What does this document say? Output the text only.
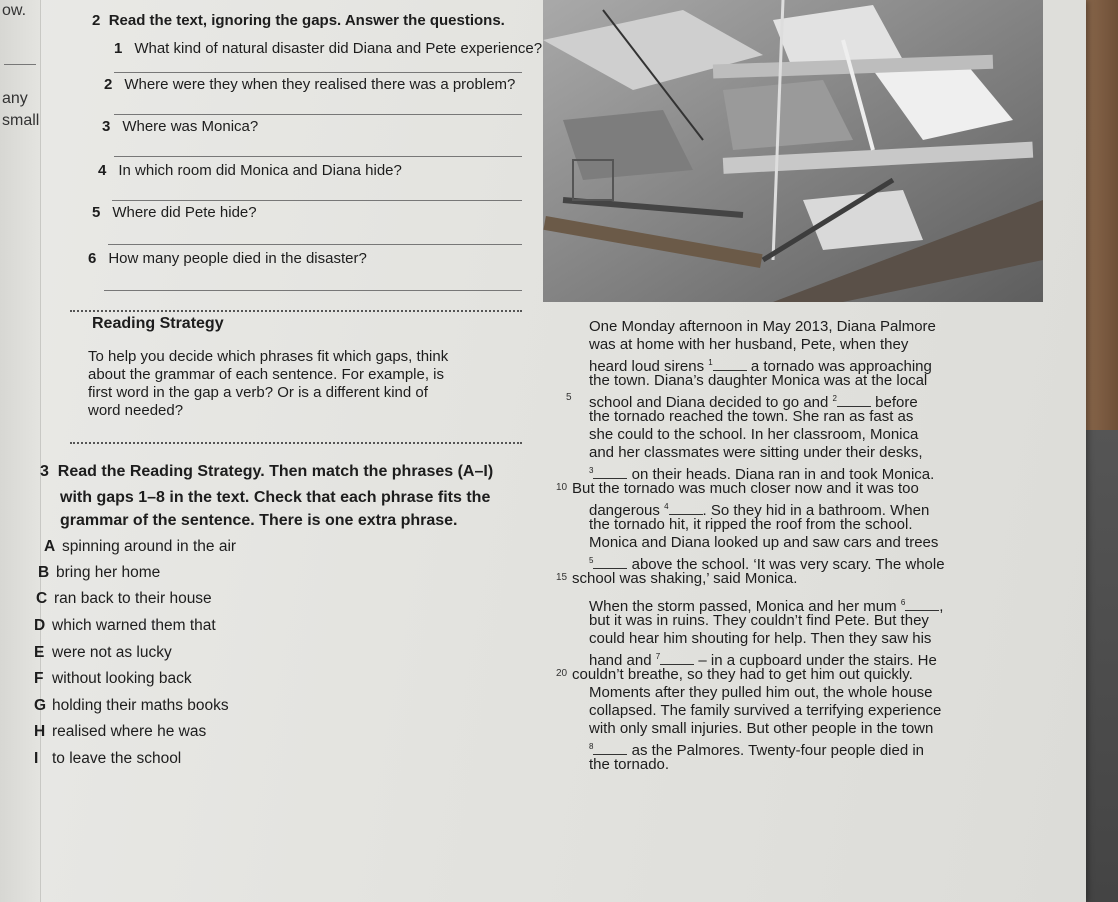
ow.
any
small
2 Read the text, ignoring the gaps. Answer the questions.
1 What kind of natural disaster did Diana and Pete experience?
2 Where were they when they realised there was a problem?
3 Where was Monica?
4 In which room did Monica and Diana hide?
5 Where did Pete hide?
6 How many people died in the disaster?
Reading Strategy
To help you decide which phrases fit which gaps, think
about the grammar of each sentence. For example, is
first word in the gap a verb? Or is a different kind of
word needed?
3 Read the Reading Strategy. Then match the phrases (A–I)
with gaps 1–8 in the text. Check that each phrase fits the
grammar of the sentence. There is one extra phrase.
A spinning around in the air
B bring her home
C ran back to their house
D which warned them that
E were not as lucky
F without looking back
G holding their maths books
H realised where he was
I to leave the school
One Monday afternoon in May 2013, Diana Palmore
was at home with her husband, Pete, when they
heard loud sirens $^1$	a tornado was approaching
the town. Diana’s daughter Monica was at the local
5 school and Diana decided to go and $^2$	before
the tornado reached the town. She ran as fast as
she could to the school. In her classroom, Monica
and her classmates were sitting under their desks,
$^3$	on their heads. Diana ran in and took Monica.
10 But the tornado was much closer now and it was too
dangerous $^4$ . So they hid in a bathroom. When
the tornado hit, it ripped the roof from the school.
Monica and Diana looked up and saw cars and trees
$^5$	above the school. ‘It was very scary. The whole
15 school was shaking,’ said Monica.
When the storm passed, Monica and her mum $^6$ ,
but it was in ruins. They couldn’t find Pete. But they
could hear him shouting for help. Then they saw his
hand and $^7$	– in a cupboard under the stairs. He
20 couldn’t breathe, so they had to get him out quickly.
Moments after they pulled him out, the whole house
collapsed. The family survived a terrifying experience
with only small injuries. But other people in the town
$^8$	as the Palmores. Twenty-four people died in
the tornado.
